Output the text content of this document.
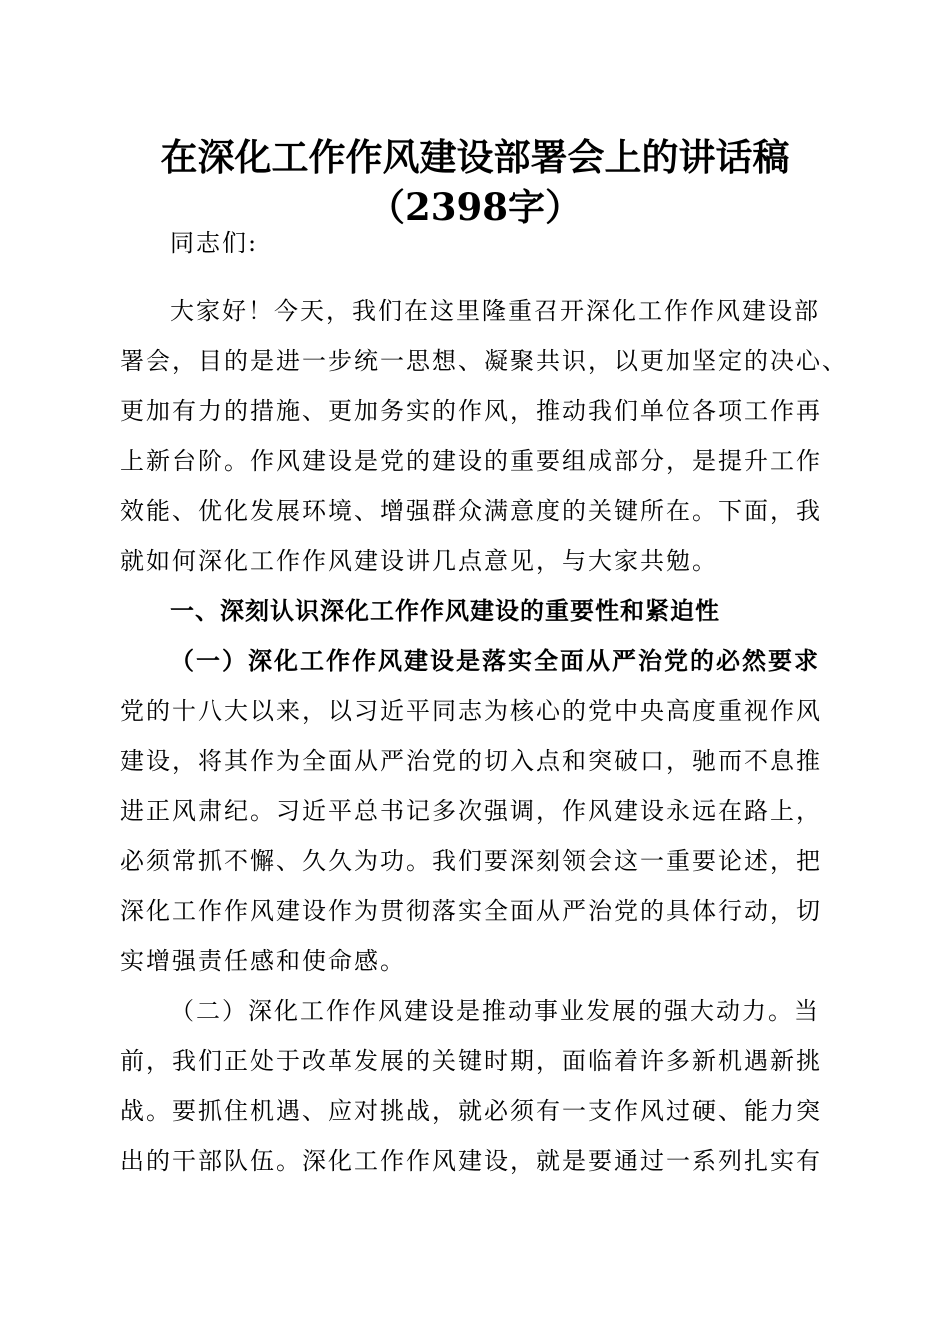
在深化工作作风建设部署会上的讲话稿（2398字）
同志们:
大家好！今天，我们在这里隆重召开深化工作作风建设部
署会，目的是进一步统一思想、凝聚共识，以更加坚定的决心、
更加有力的措施、更加务实的作风，推动我们单位各项工作再
上新台阶。作风建设是党的建设的重要组成部分，是提升工作
效能、优化发展环境、增强群众满意度的关键所在。下面，我
就如何深化工作作风建设讲几点意见，与大家共勉。
一、深刻认识深化工作作风建设的重要性和紧迫性
（一）深化工作作风建设是落实全面从严治党的必然要求
党的十八大以来，以习近平同志为核心的党中央高度重视作风
建设，将其作为全面从严治党的切入点和突破口，驰而不息推
进正风肃纪。习近平总书记多次强调，作风建设永远在路上，
必须常抓不懈、久久为功。我们要深刻领会这一重要论述，把
深化工作作风建设作为贯彻落实全面从严治党的具体行动，切
实增强责任感和使命感。
（二）深化工作作风建设是推动事业发展的强大动力。当
前，我们正处于改革发展的关键时期，面临着许多新机遇新挑
战。要抓住机遇、应对挑战，就必须有一支作风过硬、能力突
出的干部队伍。深化工作作风建设，就是要通过一系列扎实有
